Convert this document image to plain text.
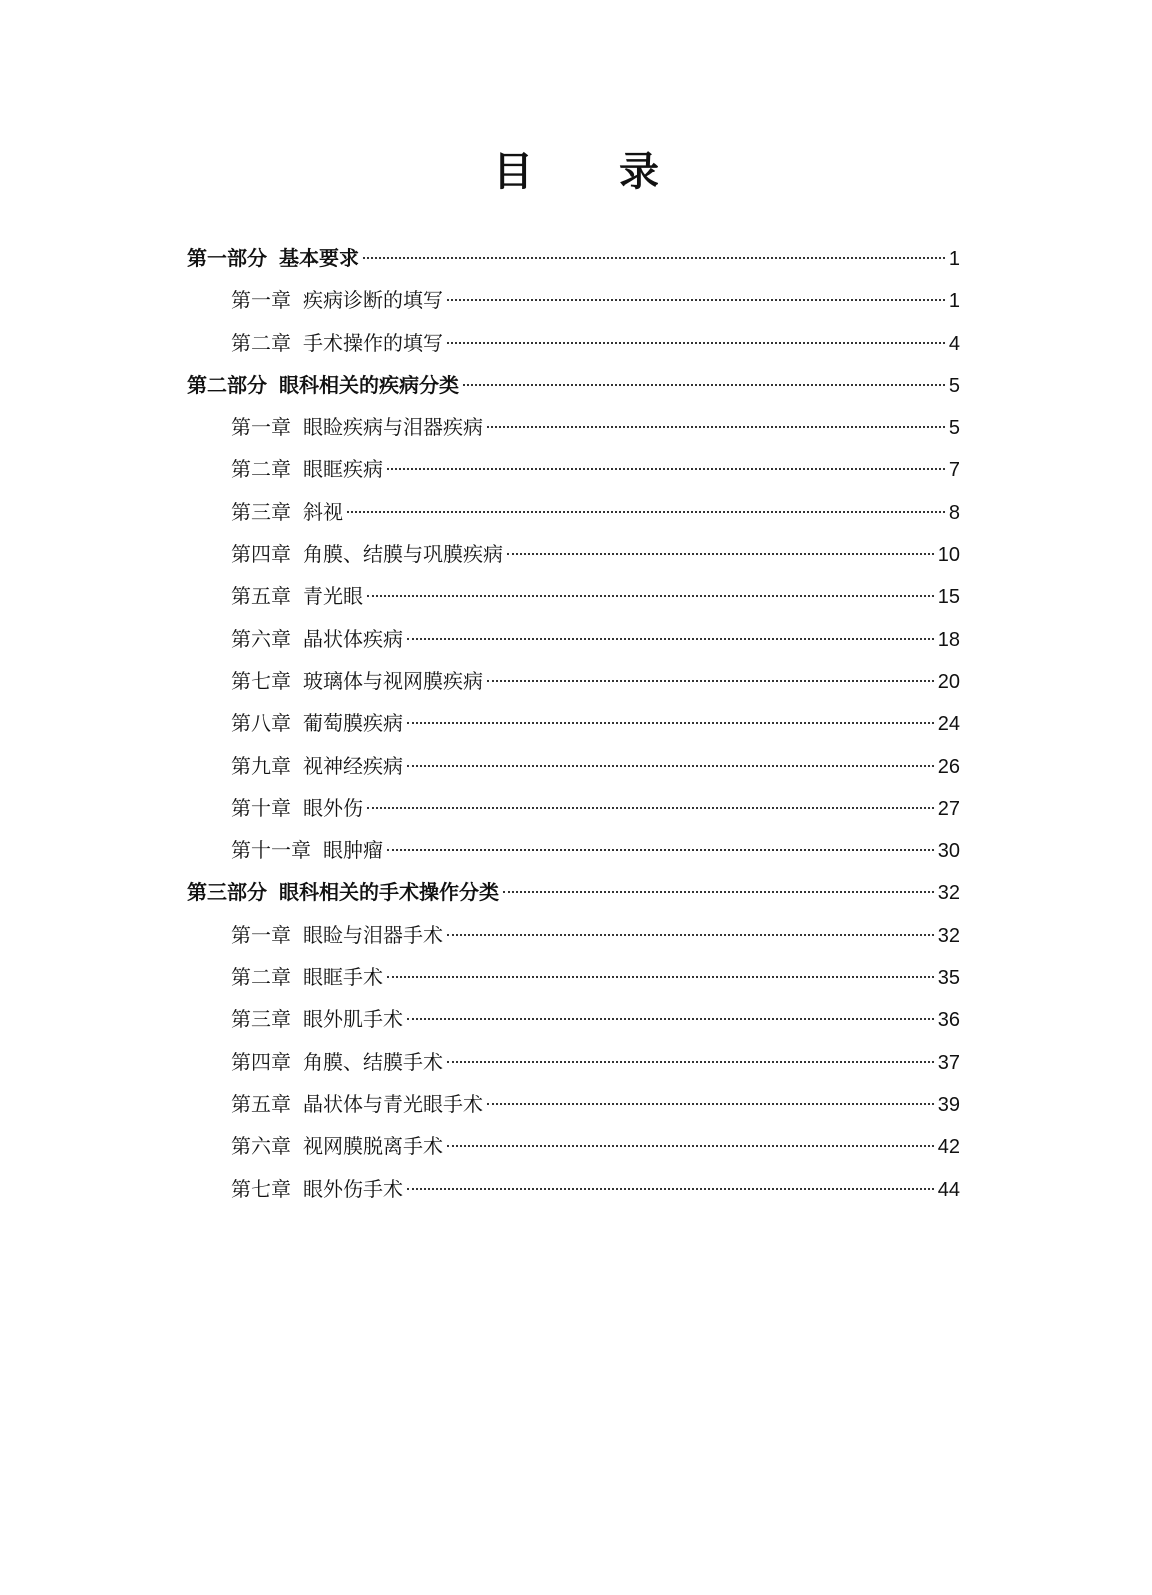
目 录
第一部分 基本要求	1
第一章 疾病诊断的填写	1
第二章 手术操作的填写	4
第二部分 眼科相关的疾病分类	5
第一章 眼睑疾病与泪器疾病	5
第二章 眼眶疾病	7
第三章 斜视	8
第四章 角膜、结膜与巩膜疾病	10
第五章 青光眼	15
第六章 晶状体疾病	18
第七章 玻璃体与视网膜疾病	20
第八章 葡萄膜疾病	24
第九章 视神经疾病	26
第十章 眼外伤	27
第十一章 眼肿瘤	30
第三部分 眼科相关的手术操作分类	32
第一章 眼睑与泪器手术	32
第二章 眼眶手术	35
第三章 眼外肌手术	36
第四章 角膜、结膜手术	37
第五章 晶状体与青光眼手术	39
第六章 视网膜脱离手术	42
第七章 眼外伤手术	44
